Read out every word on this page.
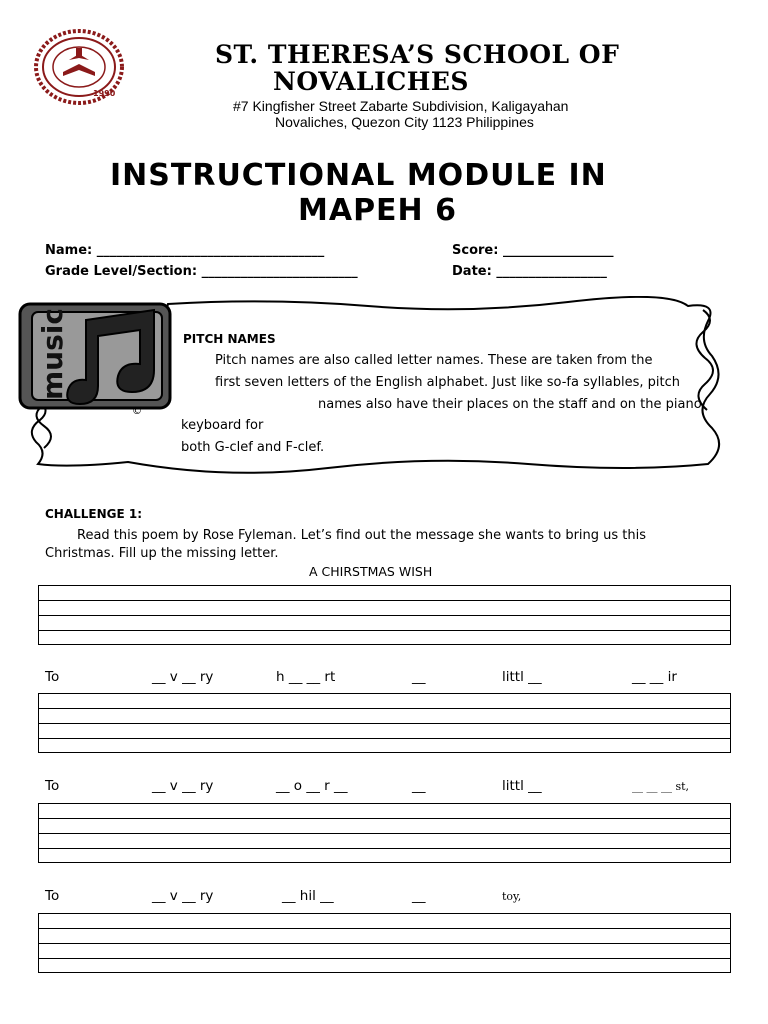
1990
ST. THERESA’S SCHOOL OF
NOVALICHES
#7 Kingfisher Street Zabarte Subdivision, Kaligayahan
Novaliches, Quezon City 1123 Philippines
INSTRUCTIONAL MODULE IN
MAPEH 6
Name: ___________________________________	Score: _________________
Grade Level/Section: ________________________	Date: _________________
music
©
PITCH NAMES
Pitch names are also called letter names. These are taken from the
first seven letters of the English alphabet. Just like so-fa syllables, pitch
names also have their places on the staff and on the piano
keyboard for
both G-clef and F-clef.
CHALLENGE 1:
Read this poem by Rose Fyleman. Let’s find out the message she wants to bring us this
Christmas. Fill up the missing letter.
A CHIRSTMAS WISH
To	__ v __ ry	h __ __ rt	__	littl __	__ __ ir
To	__ v __ ry	__ o __ r __	__	littl __	__ __ __ st,
To	__ v __ ry	__ hil __	__	toy,
